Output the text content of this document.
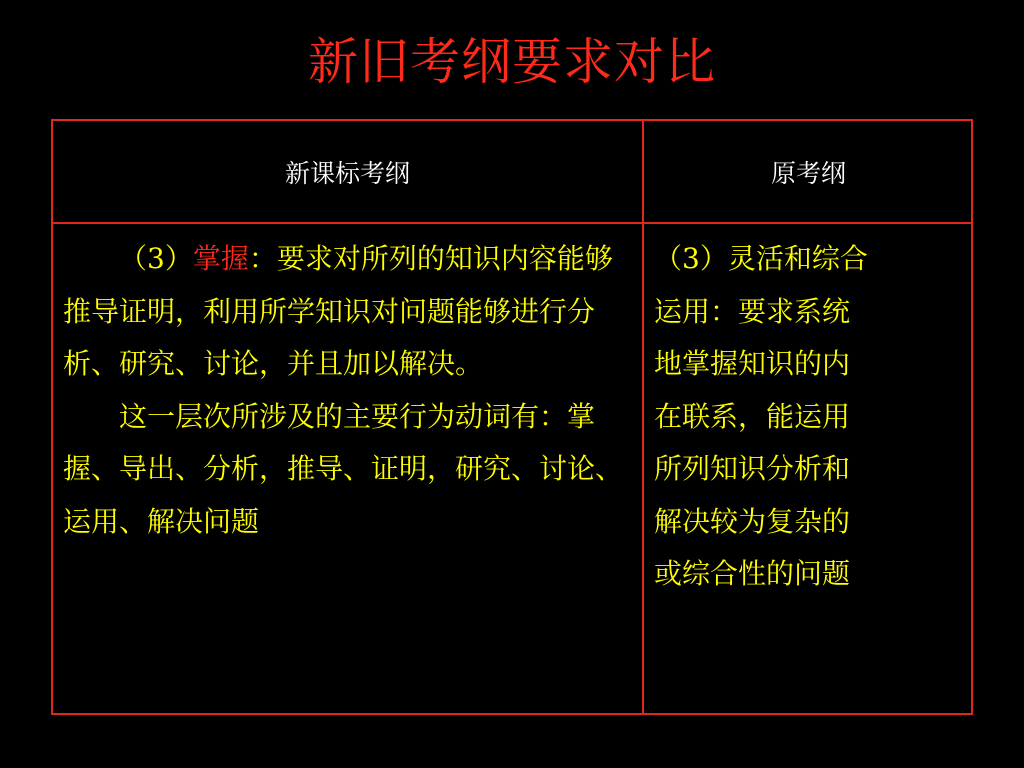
新旧考纲要求对比
新课标考纲	原考纲

（3）掌握：要求对所列的知识内容能够推导证明，利用所学知识对问题能够进行分析、研究、讨论，并且加以解决。

这一层次所涉及的主要行为动词有：掌握、导出、分析，推导、证明，研究、讨论、运用、解决问题

（3）灵活和综合

运用：要求系统

地掌握知识的内

在联系，能运用

所列知识分析和

解决较为复杂的

或综合性的问题
